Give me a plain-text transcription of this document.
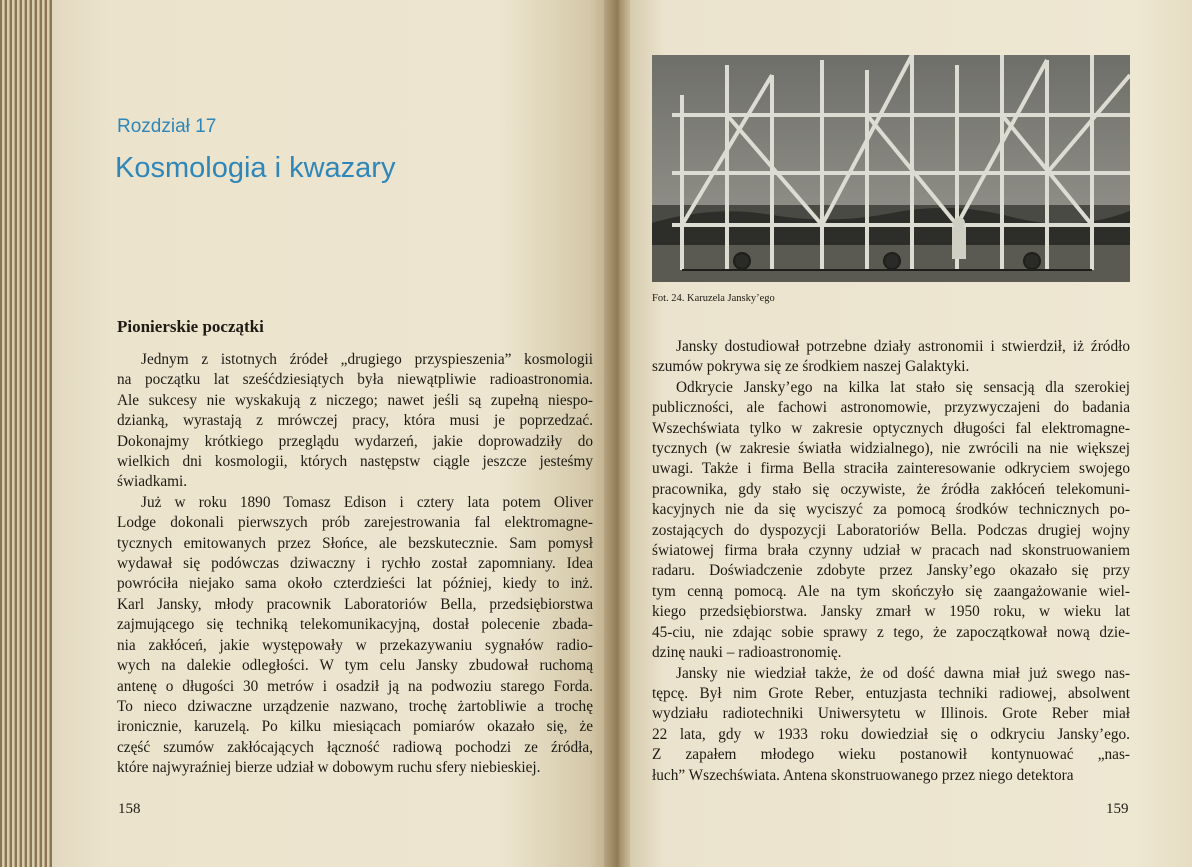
Rozdział 17
Kosmologia i kwazary
Pionierskie początki

Jednym z istotnych źródeł „drugiego przyspieszenia” kosmologii
na początku lat sześćdziesiątych była niewątpliwie radioastronomia.
Ale sukcesy nie wyskakują z niczego; nawet jeśli są zupełną niespo-
dzianką, wyrastają z mrówczej pracy, która musi je poprzedzać.
Dokonajmy krótkiego przeglądu wydarzeń, jakie doprowadziły do
wielkich dni kosmologii, których następstw ciągle jeszcze jesteśmy
świadkami.

Już w roku 1890 Tomasz Edison i cztery lata potem Oliver
Lodge dokonali pierwszych prób zarejestrowania fal elektromagne-
tycznych emitowanych przez Słońce, ale bezskutecznie. Sam pomysł
wydawał się podówczas dziwaczny i rychło został zapomniany. Idea
powróciła niejako sama około czterdzieści lat później, kiedy to inż.
Karl Jansky, młody pracownik Laboratoriów Bella, przedsiębiorstwa
zajmującego się techniką telekomunikacyjną, dostał polecenie zbada-
nia zakłóceń, jakie występowały w przekazywaniu sygnałów radio-
wych na dalekie odległości. W tym celu Jansky zbudował ruchomą
antenę o długości 30 metrów i osadził ją na podwoziu starego Forda.
To nieco dziwaczne urządzenie nazwano, trochę żartobliwie a trochę
ironicznie, karuzelą. Po kilku miesiącach pomiarów okazało się, że
część szumów zakłócających łączność radiową pochodzi ze źródła,
które najwyraźniej bierze udział w dobowym ruchu sfery niebieskiej.

158
Fot. 24. Karuzela Jansky’ego

Jansky dostudiował potrzebne działy astronomii i stwierdził, iż źródło
szumów pokrywa się ze środkiem naszej Galaktyki.

Odkrycie Jansky’ego na kilka lat stało się sensacją dla szerokiej
publiczności, ale fachowi astronomowie, przyzwyczajeni do badania
Wszechświata tylko w zakresie optycznych długości fal elektromagne-
tycznych (w zakresie światła widzialnego), nie zwrócili na nie większej
uwagi. Także i firma Bella straciła zainteresowanie odkryciem swojego
pracownika, gdy stało się oczywiste, że źródła zakłóceń telekomuni-
kacyjnych nie da się wyciszyć za pomocą środków technicznych po-
zostających do dyspozycji Laboratoriów Bella. Podczas drugiej wojny
światowej firma brała czynny udział w pracach nad skonstruowaniem
radaru. Doświadczenie zdobyte przez Jansky’ego okazało się przy
tym cenną pomocą. Ale na tym skończyło się zaangażowanie wiel-
kiego przedsiębiorstwa. Jansky zmarł w 1950 roku, w wieku lat
45-ciu, nie zdając sobie sprawy z tego, że zapoczątkował nową dzie-
dzinę nauki – radioastronomię.

Jansky nie wiedział także, że od dość dawna miał już swego nas-
tępcę. Był nim Grote Reber, entuzjasta techniki radiowej, absolwent
wydziału radiotechniki Uniwersytetu w Illinois. Grote Reber miał
22 lata, gdy w 1933 roku dowiedział się o odkryciu Jansky’ego.
Z zapałem młodego wieku postanowił kontynuować „nas-
łuch” Wszechświata. Antena skonstruowanego przez niego detektora

159
